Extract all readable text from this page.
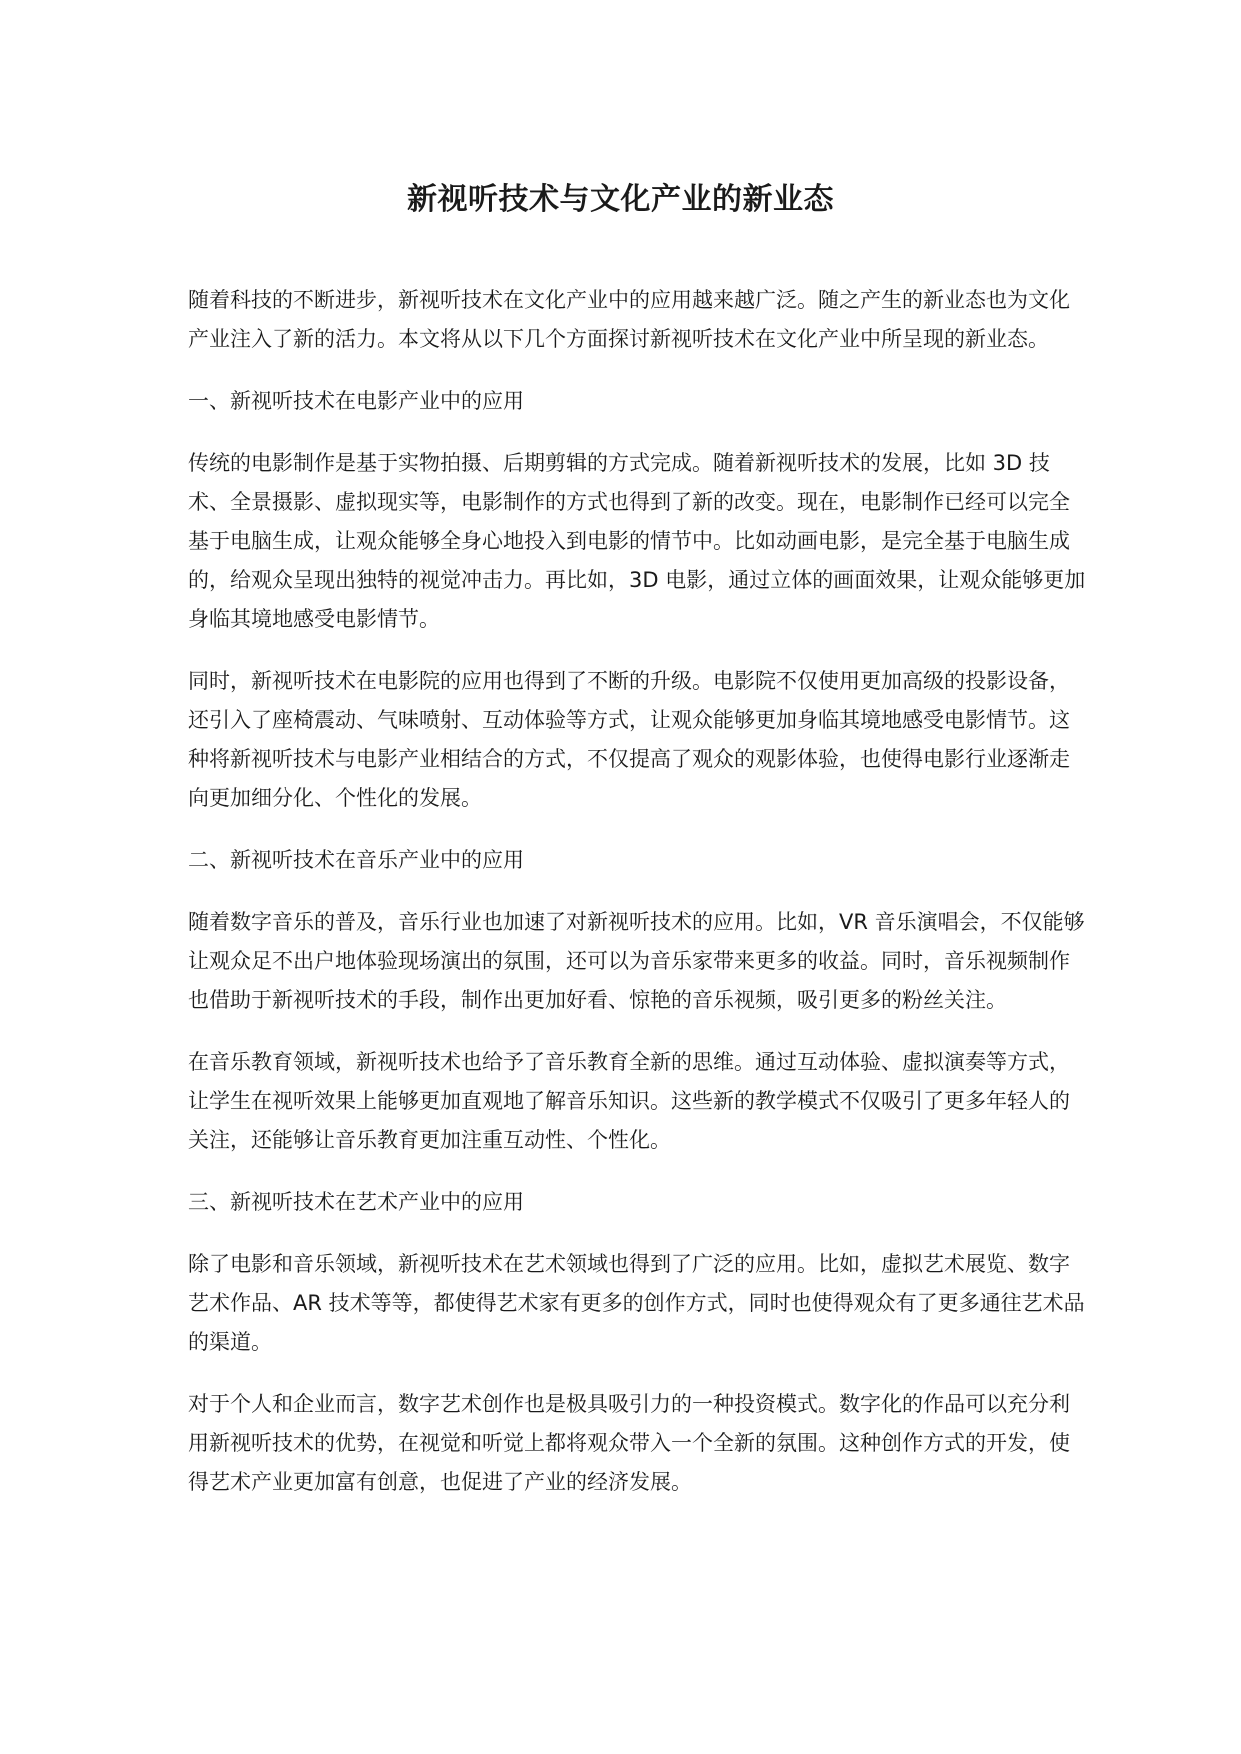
新视听技术与文化产业的新业态

随着科技的不断进步，新视听技术在文化产业中的应用越来越广泛。随之产生的新业态也为文化产业注入了新的活力。本文将从以下几个方面探讨新视听技术在文化产业中所呈现的新业态。

一、新视听技术在电影产业中的应用

传统的电影制作是基于实物拍摄、后期剪辑的方式完成。随着新视听技术的发展，比如 3D 技术、全景摄影、虚拟现实等，电影制作的方式也得到了新的改变。现在，电影制作已经可以完全基于电脑生成，让观众能够全身心地投入到电影的情节中。比如动画电影，是完全基于电脑生成的，给观众呈现出独特的视觉冲击力。再比如，3D 电影，通过立体的画面效果，让观众能够更加身临其境地感受电影情节。

同时，新视听技术在电影院的应用也得到了不断的升级。电影院不仅使用更加高级的投影设备，还引入了座椅震动、气味喷射、互动体验等方式，让观众能够更加身临其境地感受电影情节。这种将新视听技术与电影产业相结合的方式，不仅提高了观众的观影体验，也使得电影行业逐渐走向更加细分化、个性化的发展。

二、新视听技术在音乐产业中的应用

随着数字音乐的普及，音乐行业也加速了对新视听技术的应用。比如，VR 音乐演唱会，不仅能够让观众足不出户地体验现场演出的氛围，还可以为音乐家带来更多的收益。同时，音乐视频制作也借助于新视听技术的手段，制作出更加好看、惊艳的音乐视频，吸引更多的粉丝关注。

在音乐教育领域，新视听技术也给予了音乐教育全新的思维。通过互动体验、虚拟演奏等方式，让学生在视听效果上能够更加直观地了解音乐知识。这些新的教学模式不仅吸引了更多年轻人的关注，还能够让音乐教育更加注重互动性、个性化。

三、新视听技术在艺术产业中的应用

除了电影和音乐领域，新视听技术在艺术领域也得到了广泛的应用。比如，虚拟艺术展览、数字艺术作品、AR 技术等等，都使得艺术家有更多的创作方式，同时也使得观众有了更多通往艺术品的渠道。

对于个人和企业而言，数字艺术创作也是极具吸引力的一种投资模式。数字化的作品可以充分利用新视听技术的优势，在视觉和听觉上都将观众带入一个全新的氛围。这种创作方式的开发，使得艺术产业更加富有创意，也促进了产业的经济发展。
